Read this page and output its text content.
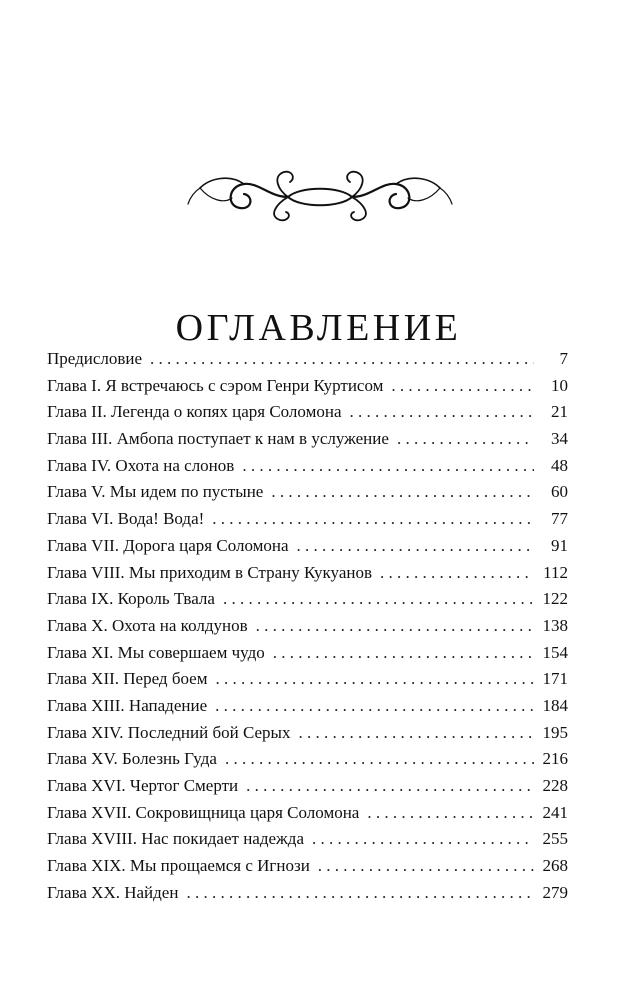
ОГЛАВЛЕНИЕ
Предисловие . . .	7
Глава I. Я встречаюсь с сэром Генри Куртисом . . .	10
Глава II. Легенда о копях царя Соломона . . .	21
Глава III. Амбопа поступает к нам в услужение . . .	34
Глава IV. Охота на слонов . . .	48
Глава V. Мы идем по пустыне . . .	60
Глава VI. Вода! Вода! . . .	77
Глава VII. Дорога царя Соломона . . .	91
Глава VIII. Мы приходим в Страну Кукуанов . . .	112
Глава IX. Король Твала . . .	122
Глава X. Охота на колдунов . . .	138
Глава XI. Мы совершаем чудо . . .	154
Глава XII. Перед боем . . .	171
Глава XIII. Нападение . . .	184
Глава XIV. Последний бой Серых . . .	195
Глава XV. Болезнь Гуда . . .	216
Глава XVI. Чертог Смерти . . .	228
Глава XVII. Сокровищница царя Соломона . . .	241
Глава XVIII. Нас покидает надежда . . .	255
Глава XIX. Мы прощаемся с Игнози . . .	268
Глава XX. Найден . . .	279
